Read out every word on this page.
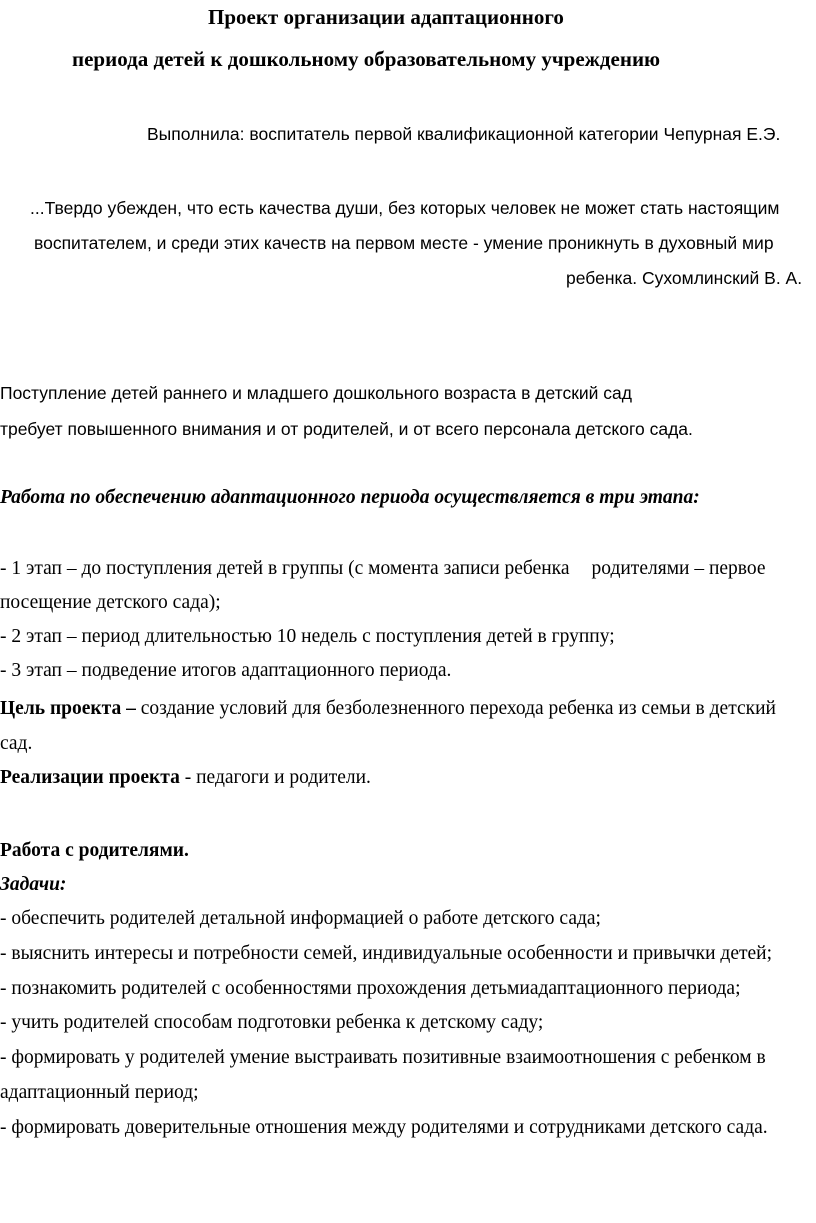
Проект организации адаптационного
периода детей к дошкольному образовательному учреждению
Выполнила: воспитатель первой квалификационной категории Чепурная Е.Э.
...Твердо убежден, что есть качества души, без которых человек не может стать настоящим
воспитателем, и среди этих качеств на первом месте - умение проникнуть в духовный мир
ребенка. Сухомлинский В. А.
Поступление детей раннего и младшего дошкольного возраста в детский сад
требует повышенного внимания и от родителей, и от всего персонала детского сада.
Работа по обеспечению адаптационного периода осуществляется в три этапа:
- 1 этап – до поступления детей в группы (с момента записи ребенка родителями – первое
посещение детского сада);
- 2 этап – период длительностью 10 недель с поступления детей в группу;
- 3 этап – подведение итогов адаптационного периода.
Цель проекта – создание условий для безболезненного перехода ребенка из семьи в детский
сад.
Реализации проекта - педагоги и родители.
Работа с родителями.
Задачи:
- обеспечить родителей детальной информацией о работе детского сада;
- выяснить интересы и потребности семей, индивидуальные особенности и привычки детей;
- познакомить родителей с особенностями прохождения детьмиадаптационного периода;
- учить родителей способам подготовки ребенка к детскому саду;
- формировать у родителей умение выстраивать позитивные взаимоотношения с ребенком в
адаптационный период;
- формировать доверительные отношения между родителями и сотрудниками детского сада.
